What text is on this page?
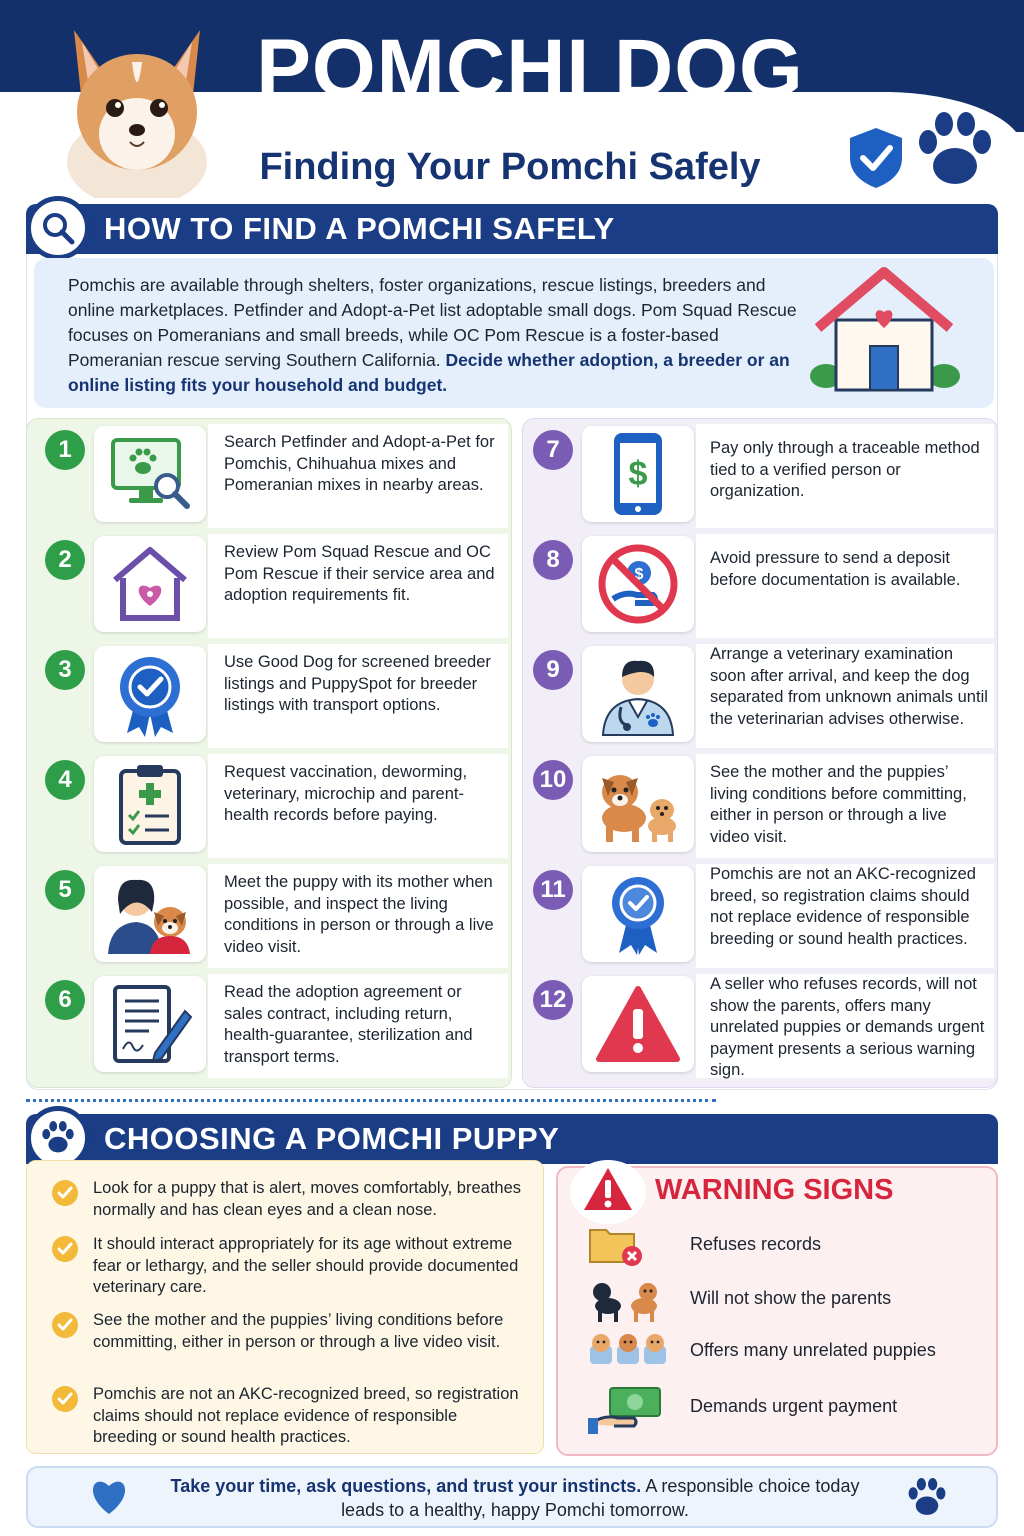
POMCHI DOG
Finding Your Pomchi Safely
HOW TO FIND A POMCHI SAFELY
Pomchis are available through shelters, foster organizations, rescue listings, breeders and online marketplaces. Petfinder and Adopt-a-Pet list adoptable small dogs. Pom Squad Rescue focuses on Pomeranians and small breeds, while OC Pom Rescue is a foster-based Pomeranian rescue serving Southern California. Decide whether adoption, a breeder or an online listing fits your household and budget.
1	Search Petfinder and Adopt-a-Pet for Pomchis, Chihuahua mixes and Pomeranian mixes in nearby areas.
2	Review Pom Squad Rescue and OC Pom Rescue if their service area and adoption requirements fit.
3	Use Good Dog for screened breeder listings and PuppySpot for breeder listings with transport options.
4	Request vaccination, deworming, veterinary, microchip and parent-health records before paying.
5	Meet the puppy with its mother when possible, and inspect the living conditions in person or through a live video visit.
6	Read the adoption agreement or sales contract, including return, health-guarantee, sterilization and transport terms.
7
$
Pay only through a traceable method tied to a verified person or organization.
8
$
Avoid pressure to send a deposit before documentation is available.
9
Arrange a veterinary examination soon after arrival, and keep the dog separated from unknown animals until the veterinarian advises otherwise.
10	See the mother and the puppies’ living conditions before committing, either in person or through a live video visit.
11
Pomchis are not an AKC-recognized breed, so registration claims should not replace evidence of responsible breeding or sound health practices.
12
A seller who refuses records, will not show the parents, offers many unrelated puppies or demands urgent payment presents a serious warning sign.
CHOOSING A POMCHI PUPPY
Look for a puppy that is alert, moves comfortably, breathes normally and has clean eyes and a clean nose.
It should interact appropriately for its age without extreme fear or lethargy, and the seller should provide documented veterinary care.
See the mother and the puppies’ living conditions before committing, either in person or through a live video visit.
Pomchis are not an AKC-recognized breed, so registration claims should not replace evidence of responsible breeding or sound health practices.
WARNING SIGNS
Refuses records
Will not show the parents
Offers many unrelated puppies
Demands urgent payment
Take your time, ask questions, and trust your instincts. A responsible choice today leads to a healthy, happy Pomchi tomorrow.
